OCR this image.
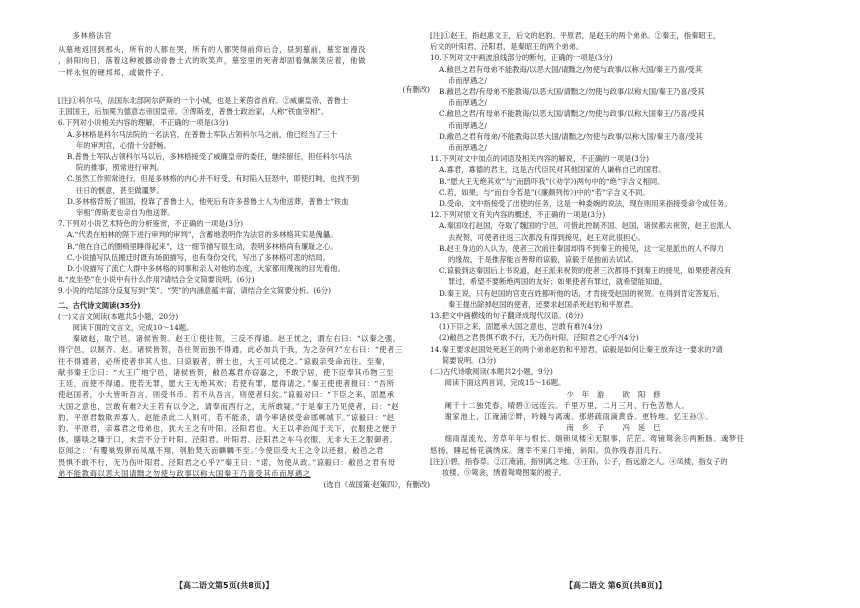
多林格法官

从墓地返回到那头，所有的人都在哭，所有的人都哭得前仰后合，昼到墓前，墓室崔漫没

，斜阳向日，落着这种被挪动骨鲁士式的吹笑声，墓室里的死者却固着佩颔笑应着，他做

一样永恒的硬邦邦，或做件子。

(有删改)

[注]①科尔马，法国东北部阿尔萨斯的一个小城，也是上莱茵省首府。②威廉皇帝，普鲁士

王国国王，后加冕为德意志帝国皇帝。③俾斯麦，普鲁士政治家，人称“铁血宰相”。

6.下列对小说相关内容的理解，不正确的一项是(3分)

A.多林格是科尔马法院的一名法官，在普鲁士军队占领科尔马之前，他已经当了三十

年的审判官，心情十分舒畅。

B.普鲁士军队占领科尔马以后，多林格接受了威廉皇帝的委任，继续留任，担任科尔马法

院的推事，照常进行审判。

C.虽然工作照常进行，但是多林格的内心并不好受，有时陷入狂怒中，即使打盹，也找不到

往日的惬意，甚至做噩梦。

D.多林格背叛了祖国，投靠了普鲁士人，他死后有许多普鲁士人为他送葬，普鲁士“铁血

宰相”俾斯麦也亲自为他送葬。

7.下列对小说艺术特色的分析鉴赏，不正确的一项是(3分)

A.“代表在柏林的陛下进行审判的审判”，含蓄地表明作为法官的多林格其实是傀儡。

B.“他在自己的圈椅里睡得起来”，这一细节描写很生动，表明多林格尚有廉耻之心。

C.小说描写队伍搬迁时既有场面描写，也有身份交代，写出了多林格可悲的结局。

D.小说描写了流亡人群中多林格的同事和亲人对他的态度，大家都用蔑视的目光看他。

8.“皮坐垫”在小说中有什么作用?请结合全文简要说明。(6分)

9.小说的结尾部分反复写到“笑”、“哭”的内涵意蕴丰富，请结合全文简要分析。(6分)

二、古代诗文阅读(35分)

(一)文言文阅读(本题共5小题，20分)

阅读下面的文言文，完成10～14题。

秦破赵，取宁邑，诸侯皆贺。赵王①使往贺，三反不得通。赵王忧之，谓左右曰：“以秦之强，

得宁邑，以制齐、赵。诸侯皆贺，吾往贺而独不得通，此必加兵于我，为之奈何?”左右曰：“使者三

往不得通者，必所使者非其人也。曰谅毅者，辨士也，大王可试使之。”谅毅亲受命而往。至秦，

献书秦王②曰：“大王广地宁邑，诸侯皆贺，敝邑寡君亦窃嘉之，不敢宁居，使下臣奉其币物三至

王廷，而使不得通。使若无罪，愿大王无绝其欢；若使有罪，愿得请之。”秦王使使者报曰：“吾所

使赵国者，小大皆听吾言，则受书币。若不从吾言，则使者归矣。”谅毅对曰：“下臣之来，固愿承

大国之意也，岂敢有难?大王若有以令之，请奉而西行之，无所敢疑。”于是秦王乃见使者，曰：“赵

豹、平原君数欺弄寡人，赵能杀此二人则可，若不能杀，请今率诸侯受命邯郸城下。”谅毅曰：“赵

豹、平原君，亲寡君之母弟也，犹大王之有叶阳、泾阳君也。大王以孝治闻于天下，衣服使之便于

体，膳啖之嗛于口，未尝不分于叶阳、泾阳君。叶阳君、泾阳君之车马衣服，无非大王之服御者。

臣闻之：‘有覆巢毁卵而凤凰不翔，刳胎焚夭而麒麟不至。’今使臣受大王之令以还报，敝邑之君

畏惧不敢不行，无乃伤叶阳君、泾阳君之心乎?”秦王曰：“诺，勿使从政。”谅毅曰：敝邑之君有母

弟不能教诲以恶大国请黜之勿使与政事以称大国秦王乃喜受其币而厚遇之

(选自《战国策·赵策四》，有删改)

[注]①赵王，指赵惠文王，后文的赵豹、平原君，是赵王的两个弟弟。②秦王，指秦昭王，

后文的叶阳君、泾阳君，是秦昭王的两个弟弟。

10.下列对文中画波浪线部分的断句，正确的一项是(3分)

A.敝邑之君有母弟不能教诲/以恶大国/请黜之/勿使与政事/以称大国/秦王乃喜/受其

币而厚遇之/

B.敝邑之君/有母弟不能教诲/以恶大国/请黜之/勿使与政事/以称大国/秦王乃喜/受其

币而厚遇之/

C.敝邑之君/有母弟不能教诲/以恶大国/请黜之/勿使与政事/以称大国秦王/乃喜/受其

币而厚遇之/

D.敝邑之君有母弟/不能教诲以恶大国/请黜之/勿使与政事/以称大国/秦王乃喜/受其

币而厚遇之/

11.下列对文中加点的词语及相关内容的解说，不正确的一项是(3分)

A.寡君，寡德的君主，这是古代臣民对其他国家的人谦称自己的国君。

B.“愿大王无绝其欢”与“而鸱吓我”(《劝学》)两句中的“绝”字含义相同。

C.若，如果，与“而自令若是”(《廉颇列传》)中的“若”字含义不同。

D.受命，文中指接受了出使的任务，这是一种委婉的说法，现在则用来指接受命令或任务。

12.下列对原文有关内容的概述，不正确的一项是(3分)

A.秦国攻打赵国，夺取了魏国的宁邑，可惜此控制齐国、赵国，诸侯都去祝贺，赵王也派人

去祝贺，可使者往返三次都没有得到接见，赵王对此很担心。

B.赵王身边的人认为，使者三次前往秦国却得不到秦王的接见，这一定是派出的人不得力

的缘故，于是推荐能言善辩的谅毅，谅毅于是他前去试试。

C.谅毅到达秦国后上书说道，赵王派来祝贺的使者三次都得不到秦王的接见，如果使者没有

罪过，希望不要断绝两国的友好；如果使者有罪过，就希望能知道。

D.秦王说，只有赵国的官吏百姓都听他的话，才肯接受赵国的祝贺。在得到肯定答复后，

秦王提出除掉赵国的使者，还要求赵国杀死赵豹和平原君。

13.把文中画横线的句子翻译成现代汉语。(8分)

(1)下臣之来，固愿承大国之意也，岂敢有难?(4分)

(2)敝邑之君畏惧不敢不行，无乃伤叶阳、泾阳君之心乎?(4分)

14.秦王要求赵国处死赵王的两个弟弟赵豹和平原君，谅毅是如何让秦王放弃这一要求的?请

简要说明。(3分)

(二)古代诗歌阅读(本题共2小题，9分)

阅读下面这两首词，完成15～16题。

少年游 欧阳修

阑干十二独凭春，晴碧①远连云。千里万里，二月三月，行色苦愁人。

谢家池上，江淹浦②畔，吟魄与离魂。那堪疏雨滴黄昏。更特地、忆王孙③。

南乡子 冯延巳

细雨湿流光，芳草年年与恨长。烟锁凤楼④无限事，茫茫。鸾镜鸳衾⑤两断肠。魂梦任

悠扬，睡起杨花满绣床。薄幸不来门半掩，斜阳。负你残春泪几行。

[注]①碧，指春草。②江淹浦，指别离之地。③王孙，公子，指远游之人。④凤楼，指女子的

妆楼。⑤鸳衾，绣着鸳鸯图案的被子。

【高二语文第5页(共8页)】	【高二语文 第6页(共8页)】
